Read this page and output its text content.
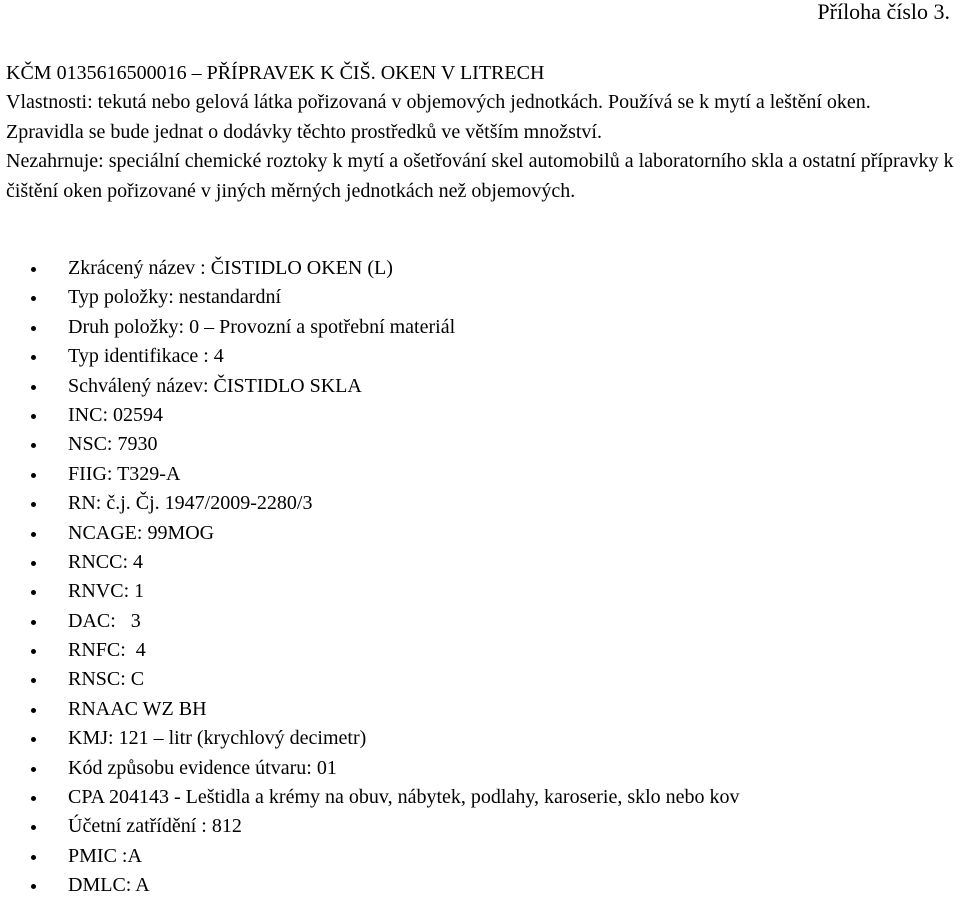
Příloha číslo 3.

KČM 0135616500016 – PŘÍPRAVEK K ČIŠ. OKEN V LITRECH

Vlastnosti: tekutá nebo gelová látka pořizovaná v objemových jednotkách. Používá se k mytí a leštění oken.

Zpravidla se bude jednat o dodávky těchto prostředků ve větším množství.

Nezahrnuje: speciální chemické roztoky k mytí a ošetřování skel automobilů a laboratorního skla a ostatní přípravky k čištění oken pořizované v jiných měrných jednotkách než objemových.

Zkrácený název : ČISTIDLO OKEN (L)
Typ položky: nestandardní
Druh položky: 0 – Provozní a spotřební materiál
Typ identifikace : 4
Schválený název: ČISTIDLO SKLA
INC: 02594
NSC: 7930
FIIG: T329-A
RN: č.j. Čj. 1947/2009-2280/3
NCAGE: 99MOG
RNCC: 4
RNVC: 1
DAC:   3
RNFC:  4
RNSC: C
RNAAC WZ BH
KMJ: 121 – litr (krychlový decimetr)
Kód způsobu evidence útvaru: 01
CPA 204143 - Leštidla a krémy na obuv, nábytek, podlahy, karoserie, sklo nebo kov
Účetní zatřídění : 812
PMIC :A
DMLC: A
